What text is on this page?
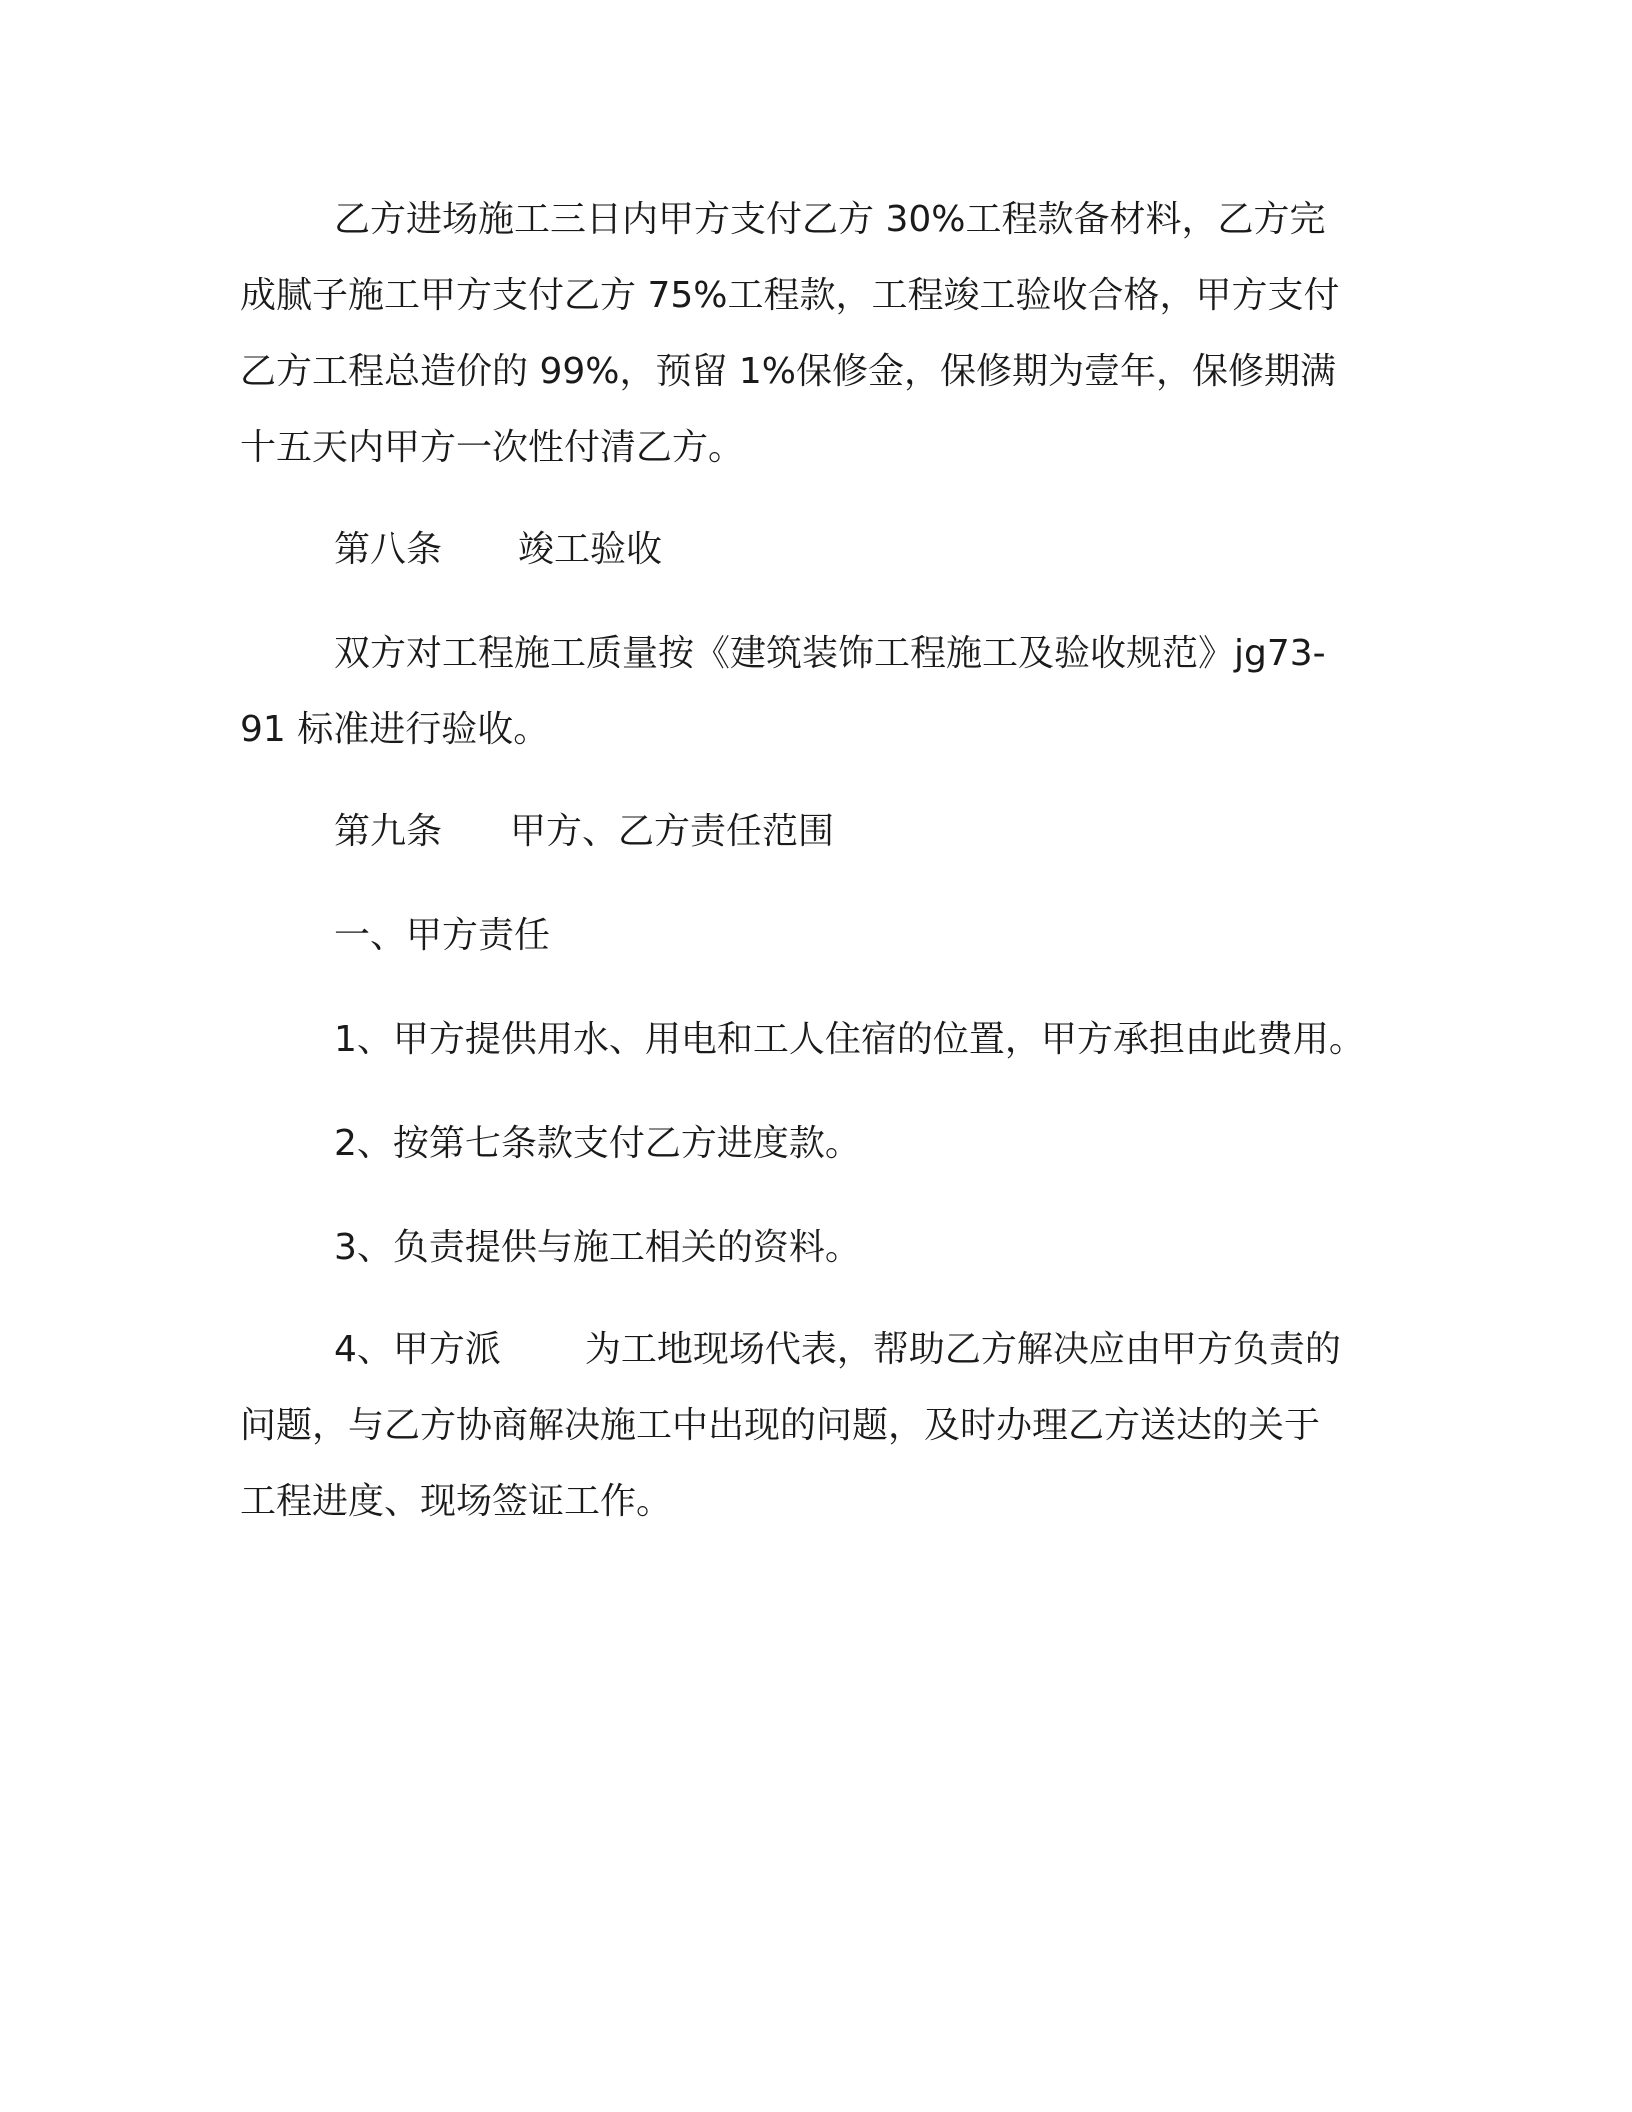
乙方进场施工三日内甲方支付乙方 30%工程款备材料，乙方完
成腻子施工甲方支付乙方 75%工程款，工程竣工验收合格，甲方支付
乙方工程总造价的 99%，预留 1%保修金，保修期为壹年，保修期满
十五天内甲方一次性付清乙方。
第八条 竣工验收
双方对工程施工质量按《建筑装饰工程施工及验收规范》jg73-
91 标准进行验收。
第九条 甲方、乙方责任范围
一、甲方责任
1、甲方提供用水、用电和工人住宿的位置，甲方承担由此费用。
2、按第七条款支付乙方进度款。
3、负责提供与施工相关的资料。
4、甲方派 为工地现场代表，帮助乙方解决应由甲方负责的
问题，与乙方协商解决施工中出现的问题，及时办理乙方送达的关于
工程进度、现场签证工作。
